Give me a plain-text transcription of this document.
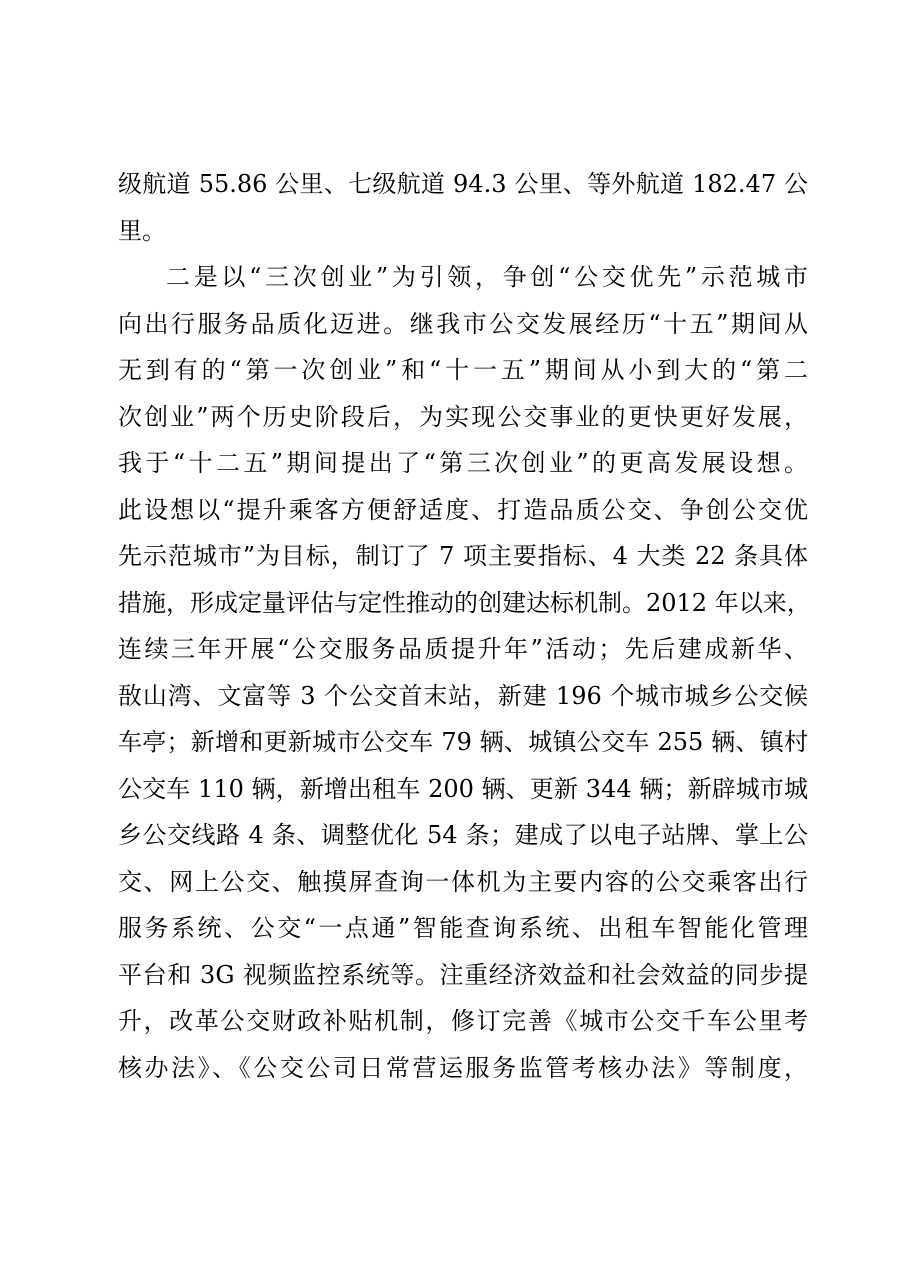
级航道 55.86 公里、七级航道 94.3 公里、等外航道 182.47 公
里。
二是以“三次创业”为引领，争创“公交优先”示范城市
向出行服务品质化迈进。继我市公交发展经历“十五”期间从
无到有的“第一次创业”和“十一五”期间从小到大的“第二
次创业”两个历史阶段后，为实现公交事业的更快更好发展，
我于“十二五”期间提出了“第三次创业”的更高发展设想。
此设想以“提升乘客方便舒适度、打造品质公交、争创公交优
先示范城市”为目标，制订了 7 项主要指标、4 大类 22 条具体
措施，形成定量评估与定性推动的创建达标机制。2012 年以来，
连续三年开展“公交服务品质提升年”活动；先后建成新华、
敔山湾、文富等 3 个公交首末站，新建 196 个城市城乡公交候
车亭；新增和更新城市公交车 79 辆、城镇公交车 255 辆、镇村
公交车 110 辆，新增出租车 200 辆、更新 344 辆；新辟城市城
乡公交线路 4 条、调整优化 54 条；建成了以电子站牌、掌上公
交、网上公交、触摸屏查询一体机为主要内容的公交乘客出行
服务系统、公交“一点通”智能查询系统、出租车智能化管理
平台和 3G 视频监控系统等。注重经济效益和社会效益的同步提
升，改革公交财政补贴机制，修订完善《城市公交千车公里考
核办法》、《公交公司日常营运服务监管考核办法》等制度，
